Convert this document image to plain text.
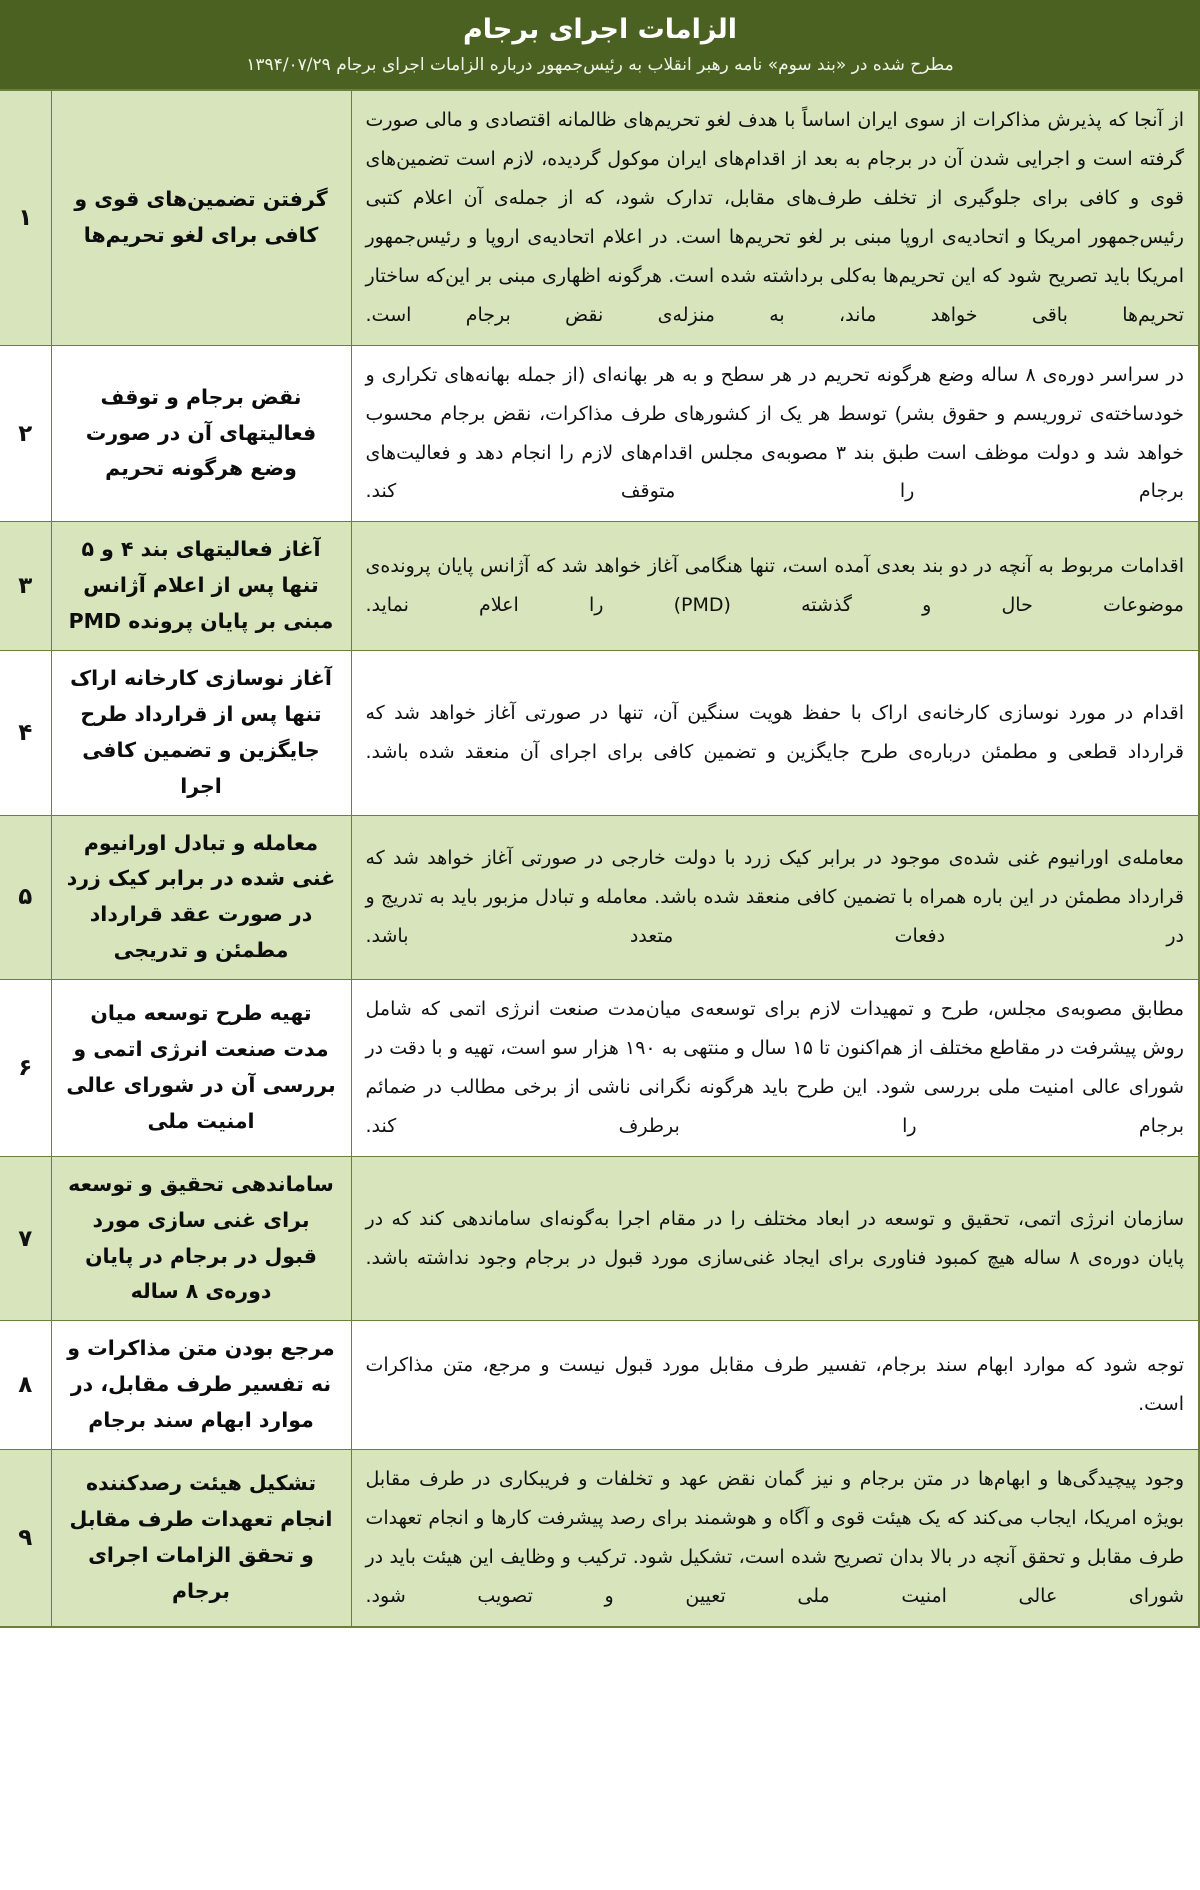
الزامات اجرای برجام
مطرح شده در «بند سوم» نامه رهبر انقلاب به رئیس‌جمهور درباره الزامات اجرای برجام ۱۳۹۴/۰۷/۲۹
از آنجا که پذیرش مذاکرات از سوی ایران اساساً با هدف لغو تحریم‌های ظالمانه اقتصادی و مالی صورت گرفته است و اجرایی شدن آن در برجام به بعد از اقدام‌های ایران موکول گردیده، لازم است تضمین‌های قوی و کافی برای جلوگیری از تخلف طرف‌های مقابل، تدارک شود، که از جمله‌ی آن اعلام کتبی رئیس‌جمهور امریکا و اتحادیه‌ی اروپا مبنی بر لغو تحریم‌ها است. در اعلام اتحادیه‌ی اروپا و رئیس‌جمهور امریکا باید تصریح شود که این تحریم‌ها به‌کلی برداشته شده است. هرگونه اظهاری مبنی بر این‌که ساختار تحریم‌ها باقی خواهد ماند، به منزله‌ی نقض برجام است.	گرفتن تضمین‌های قوی و کافی برای لغو تحریم‌ها	۱
در سراسر دوره‌ی ۸ ساله وضع هرگونه تحریم در هر سطح و به هر بهانه‌ای (از جمله بهانه‌های تکراری و خودساخته‌ی تروریسم و حقوق بشر) توسط هر یک از کشورهای طرف مذاکرات، نقض برجام محسوب خواهد شد و دولت موظف است طبق بند ۳ مصوبه‌ی مجلس اقدام‌های لازم را انجام دهد و فعالیت‌های برجام را متوقف کند.	نقض برجام و توقف فعالیتهای آن در صورت وضع هرگونه تحریم	۲
اقدامات مربوط به آنچه در دو بند بعدی آمده است، تنها هنگامی آغاز خواهد شد که آژانس پایان پرونده‌ی موضوعات حال و گذشته (PMD) را اعلام نماید.	آغاز فعالیتهای بند ۴ و ۵ تنها پس از اعلام آژانس مبنی بر پایان پرونده PMD	۳
اقدام در مورد نوسازی کارخانه‌ی اراک با حفظ هویت سنگین آن، تنها در صورتی آغاز خواهد شد که قرارداد قطعی و مطمئن درباره‌ی طرح جایگزین و تضمین کافی برای اجرای آن منعقد شده باشد.	آغاز نوسازی کارخانه اراک تنها پس از قرارداد طرح جایگزین و تضمین کافی اجرا	۴
معامله‌ی اورانیوم غنی شده‌ی موجود در برابر کیک زرد با دولت خارجی در صورتی آغاز خواهد شد که قرارداد مطمئن در این باره همراه با تضمین کافی منعقد شده باشد. معامله و تبادل مزبور باید به تدریج و در دفعات متعدد باشد.	معامله و تبادل اورانیوم غنی شده در برابر کیک زرد در صورت عقد قرارداد مطمئن و تدریجی	۵
مطابق مصوبه‌ی مجلس، طرح و تمهیدات لازم برای توسعه‌ی میان‌مدت صنعت انرژی اتمی که شامل روش پیشرفت در مقاطع مختلف از هم‌اکنون تا ۱۵ سال و منتهی به ۱۹۰ هزار سو است، تهیه و با دقت در شورای عالی امنیت ملی بررسی شود. این طرح باید هرگونه نگرانی ناشی از برخی مطالب در ضمائم برجام را برطرف کند.	تهیه طرح توسعه میان مدت صنعت انرژی اتمی و بررسی آن در شورای عالی امنیت ملی	۶
سازمان انرژی اتمی، تحقیق و توسعه در ابعاد مختلف را در مقام اجرا به‌گونه‌ای ساماندهی کند که در پایان دوره‌ی ۸ ساله هیچ کمبود فناوری برای ایجاد غنی‌سازی مورد قبول در برجام وجود نداشته باشد.	ساماندهی تحقیق و توسعه برای غنی سازی مورد قبول در برجام در پایان دوره‌ی ۸ ساله	۷
توجه شود که موارد ابهام سند برجام، تفسیر طرف مقابل مورد قبول نیست و مرجع، متن مذاکرات است.	مرجع بودن متن مذاکرات و نه تفسیر طرف مقابل، در موارد ابهام سند برجام	۸
وجود پیچیدگی‌ها و ابهام‌ها در متن برجام و نیز گمان نقض عهد و تخلفات و فریبکاری در طرف مقابل بویژه امریکا، ایجاب می‌کند که یک هیئت قوی و آگاه و هوشمند برای رصد پیشرفت کارها و انجام تعهدات طرف مقابل و تحقق آنچه در بالا بدان تصریح شده است، تشکیل شود. ترکیب و وظایف این هیئت باید در شورای عالی امنیت ملی تعیین و تصویب شود.	تشکیل هیئت رصدکننده انجام تعهدات طرف مقابل و تحقق الزامات اجرای برجام	۹
